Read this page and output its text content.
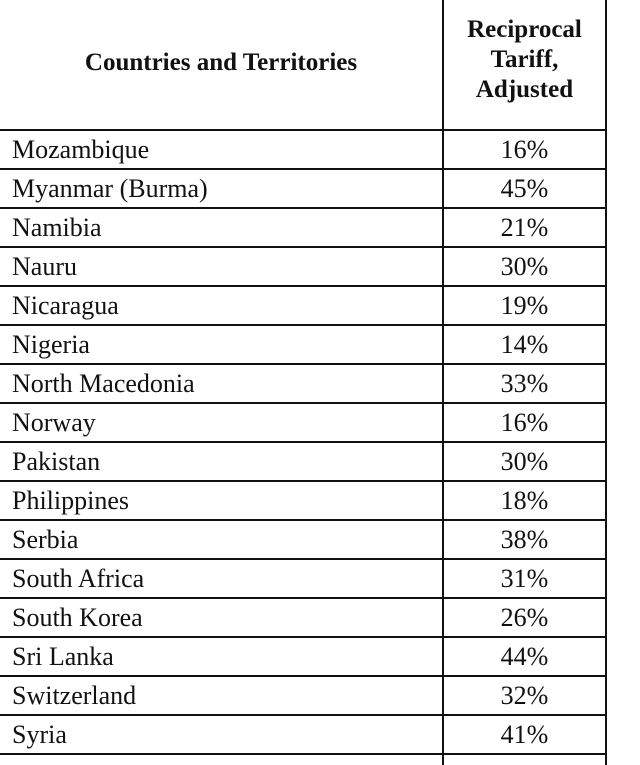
Countries and Territories	Reciprocal
Tariff,
Adjusted

Mozambique	16%
Myanmar (Burma)	45%
Namibia	21%
Nauru	30%
Nicaragua	19%
Nigeria	14%
North Macedonia	33%
Norway	16%
Pakistan	30%
Philippines	18%
Serbia	38%
South Africa	31%
South Korea	26%
Sri Lanka	44%
Switzerland	32%
Syria	41%
